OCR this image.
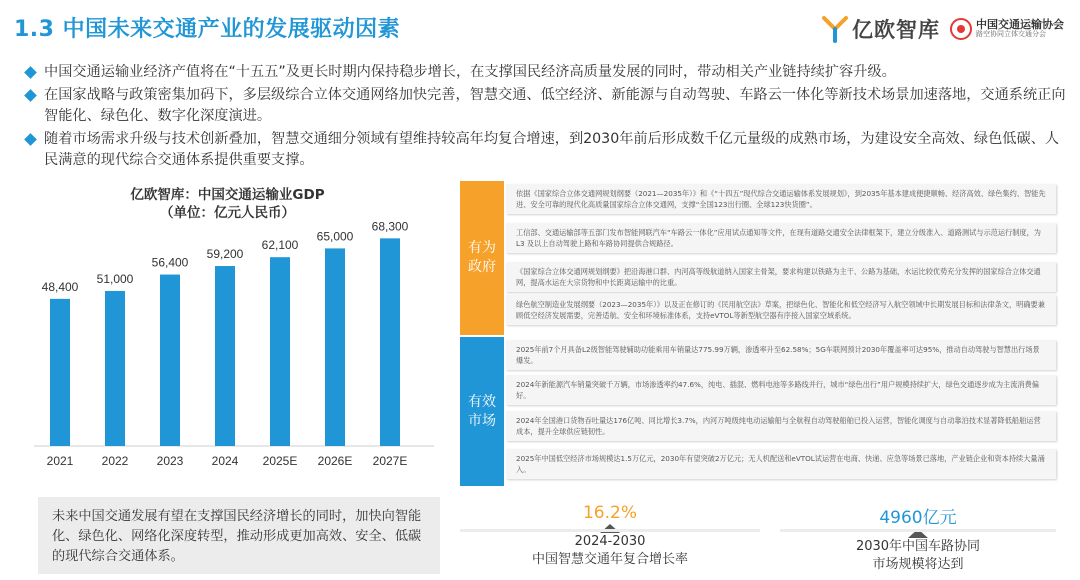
1.3 中国未来交通产业的发展驱动因素	亿欧智库	中国交通运输协会
路空协同立体交通分会
中国交通运输业经济产值将在“十五五”及更长时期内保持稳步增长，在支撑国民经济高质量发展的同时，带动相关产业链持续扩容升级。
在国家战略与政策密集加码下，多层级综合立体交通网络加快完善，智慧交通、低空经济、新能源与自动驾驶、车路云一体化等新技术场景加速落地，交通系统正向智能化、绿色化、数字化深度演进。
随着市场需求升级与技术创新叠加，智慧交通细分领域有望维持较高年均复合增速，到2030年前后形成数千亿元量级的成熟市场，为建设安全高效、绿色低碳、人民满意的现代综合交通体系提供重要支撑。
亿欧智库：中国交通运输业GDP
（单位：亿元人民币）
48,400
2021
51,000
2022
56,400
2023
59,200
2024
62,100
2025E
65,000
2026E
68,300
2027E
有为政府
有效市场
依据《国家综合立体交通网规划纲要（2021—2035年）》和《“十四五”现代综合交通运输体系发展规划》，到2035年基本建成便捷顺畅、经济高效、绿色集约、智能先进、安全可靠的现代化高质量国家综合立体交通网，支撑“全国123出行圈、全球123快货圈”。
工信部、交通运输部等五部门发布智能网联汽车“车路云一体化”应用试点通知等文件，在现有道路交通安全法律框架下，建立分级准入、道路测试与示范运行制度，为 L3 及以上自动驾驶上路和车路协同提供合规路径。
《国家综合立体交通网规划纲要》把沿海港口群、内河高等级航道纳入国家主骨架，要求构建以铁路为主干、公路为基础，水运比较优势充分发挥的国家综合立体交通网，提高水运在大宗货物和中长距离运输中的比重。
绿色航空制造业发展纲要（2023—2035年）》以及正在修订的《民用航空法》草案，把绿色化、智能化和低空经济写入航空领域中长期发展目标和法律条文，明确要兼顾低空经济发展需要，完善适航、安全和环境标准体系，支持eVTOL等新型航空器有序接入国家空域系统。
2025年前7个月具备L2级智能驾驶辅助功能乘用车销量达775.99万辆，渗透率升至62.58%；5G车联网预计2030年覆盖率可达95%，推动自动驾驶与智慧出行场景爆发。
2024年新能源汽车销量突破千万辆，市场渗透率约47.6%，纯电、插混、燃料电池等多路线并行，城市“绿色出行”用户规模持续扩大，绿色交通逐步成为主流消费偏好。
2024年全国港口货物吞吐量达176亿吨、同比增长3.7%，内河万吨级纯电动运输船与全航程自动驾驶船舶已投入运营，智能化调度与自动靠泊技术显著降低船舶运营成本，提升全球供应链韧性。
2025年中国低空经济市场规模达1.5万亿元，2030年有望突破2万亿元；无人机配送和eVTOL试运营在电商、快递、应急等场景已落地，产业链企业和资本持续大量涌入。
未来中国交通发展有望在支撑国民经济增长的同时，加快向智能化、绿色化、网络化深度转型，推动形成更加高效、安全、低碳的现代综合交通体系。
16.2%
2024-2030
中国智慧交通年复合增长率
4960亿元
2030年中国车路协同
市场规模将达到
